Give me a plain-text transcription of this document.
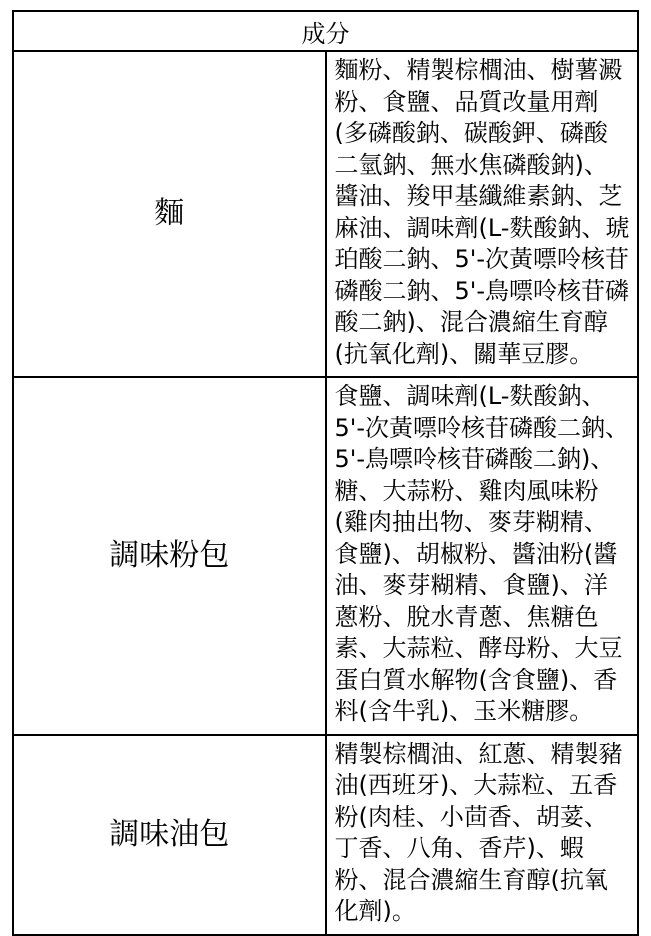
成分	
麵	麵粉、精製棕櫚油、樹薯澱粉、食鹽、品質改量用劑(多磷酸鈉、碳酸鉀、磷酸二氫鈉、無水焦磷酸鈉)、醬油、羧甲基纖維素鈉、芝麻油、調味劑(L-麩酸鈉、琥珀酸二鈉、5'-次黃嘌呤核苷磷酸二鈉、5'-鳥嘌呤核苷磷酸二鈉)、混合濃縮生育醇(抗氧化劑)、關華豆膠。
調味粉包	食鹽、調味劑(L-麩酸鈉、5'-次黃嘌呤核苷磷酸二鈉、5'-鳥嘌呤核苷磷酸二鈉)、糖、大蒜粉、雞肉風味粉(雞肉抽出物、麥芽糊精、食鹽)、胡椒粉、醬油粉(醬油、麥芽糊精、食鹽)、洋蔥粉、脫水青蔥、焦糖色素、大蒜粒、酵母粉、大豆蛋白質水解物(含食鹽)、香料(含牛乳)、玉米糖膠。
調味油包	精製棕櫚油、紅蔥、精製豬油(西班牙)、大蒜粒、五香粉(肉桂、小茴香、胡荽、丁香、八角、香芹)、蝦粉、混合濃縮生育醇(抗氧化劑)。
